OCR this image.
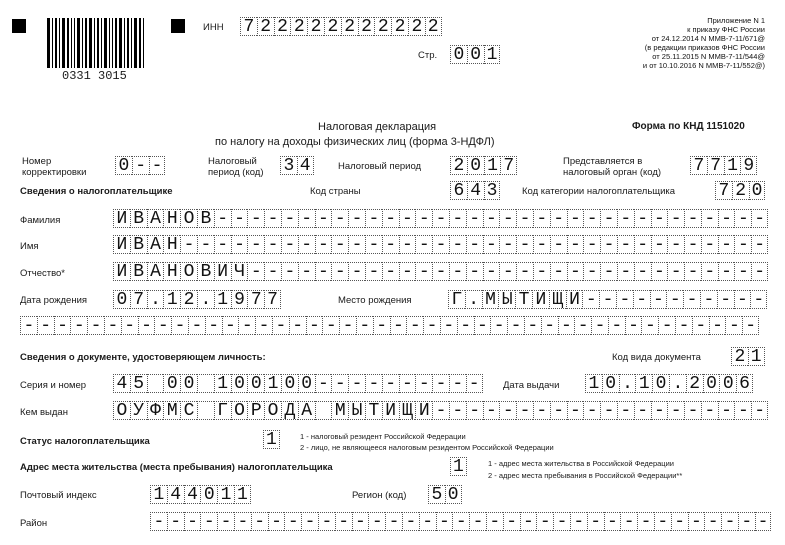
0331 3015
ИНН 7 2 2 2 2 2 2 2 2 2 2 2
Стр. 0 0 1
Приложение N 1
к приказу ФНС России
от 24.12.2014 N ММВ-7-11/671@
(в редакции приказов ФНС России
от 25.11.2015 N ММВ-7-11/544@
и от 10.10.2016 N ММВ-7-11/552@)
Налоговая декларация
по налогу на доходы физических лиц (форма 3-НДФЛ)
Форма по КНД 1151020
Номер корректировки	0 - -	Налоговый период (код)	3 4	Налоговый период 2 0 1 7	Представляется в налоговый орган (код)	7 7 1 9
Сведения о налогоплательщике	Код страны	6 4 3	Код категории налогоплательщика 7 2 0
Фамилия	И В А Н О В - - - - - - - - - - - - - - - - - - - - - - - - - - - - - - - - -
Имя	И В А Н - - - - - - - - - - - - - - - - - - - - - - - - - - - - - - - - - - -
Отчество*	И В А Н О В И Ч - - - - - - - - - - - - - - - - - - - - - - - - - - - - - - -
Дата рождения 0 7 . 1 2 . 1 9 7 7	Место рождения Г . М Ы Т И Щ И - - - - - - - - - - -
- - - - - - - - - - - - - - - - - - - - - - - - - - - - - - - - - - - - - - - - - - - -
Сведения о документе, удостоверяющем личность:	Код вида документа 2 1
Серия и номер 4 5 0 0 1 0 0 1 0 0 - - - - - - - - - -	Дата выдачи 1 0 . 1 0 . 2 0 0 6
Кем выдан	О У Ф М С Г О Р О Д А М Ы Т И Щ И - - - - - - - - - - - - - - - - - - - -
Статус налогоплательщика	1	1 - налоговый резидент Российской Федерации
2 - лицо, не являющееся налоговым резидентом Российской Федерации
Адрес места жительства (места пребывания) налогоплательщика	1	1 - адрес места жительства в Российской Федерации
2 - адрес места пребывания в Российской Федерации**
Почтовый индекс	1 4 4 0 1 1	Регион (код) 5 0
Район	- - - - - - - - - - - - - - - - - - - - - - - - - - - - - - - - - - - - -
